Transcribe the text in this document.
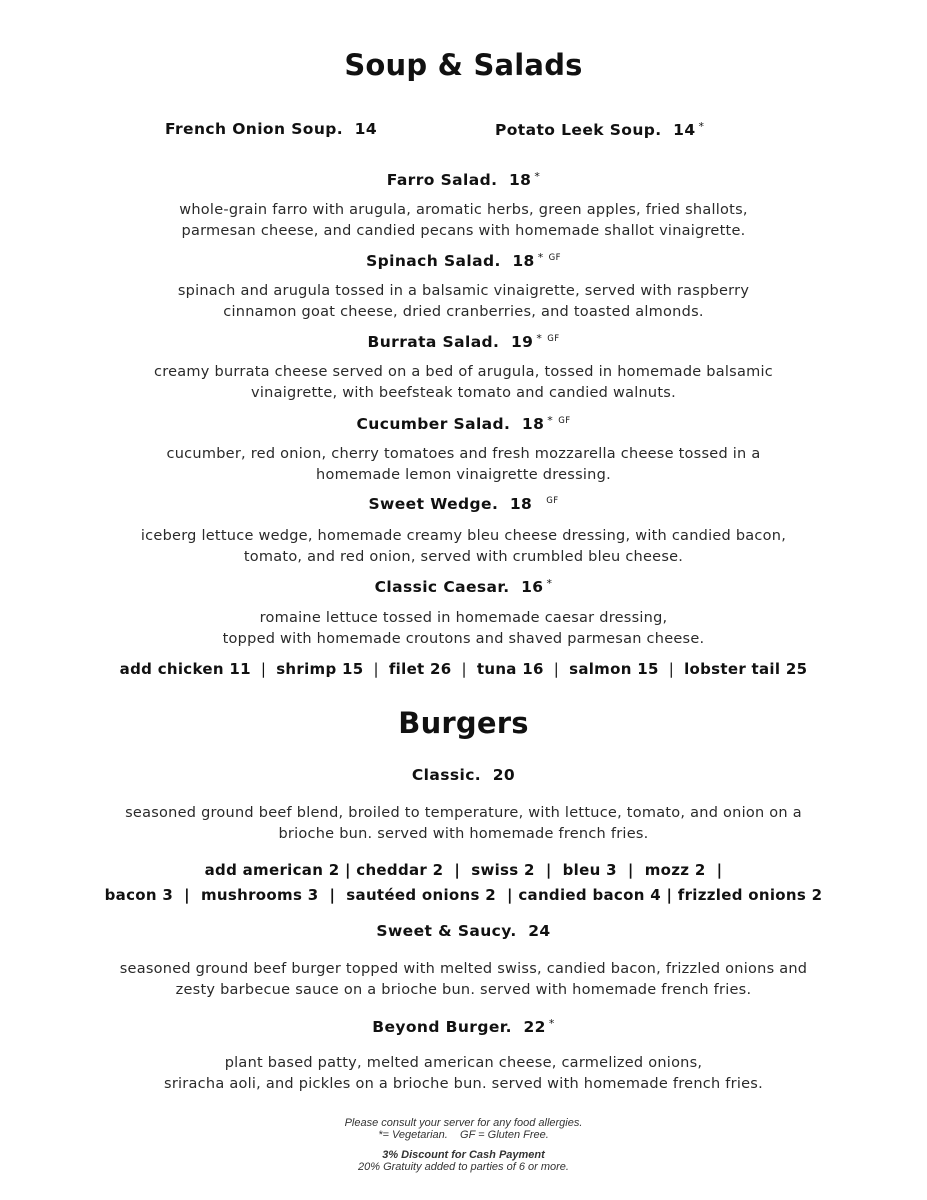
Soup & Salads
French Onion Soup. 14	Potato Leek Soup. 14 *
Farro Salad. 18 *
whole-grain farro with arugula, aromatic herbs, green apples, fried shallots,
parmesan cheese, and candied pecans with homemade shallot vinaigrette.
Spinach Salad. 18 * $^{GF}$
spinach and arugula tossed in a balsamic vinaigrette, served with raspberry
cinnamon goat cheese, dried cranberries, and toasted almonds.
Burrata Salad. 19 * $^{GF}$
creamy burrata cheese served on a bed of arugula, tossed in homemade balsamic
vinaigrette, with beefsteak tomato and candied walnuts.
Cucumber Salad. 18 * $^{GF}$
cucumber, red onion, cherry tomatoes and fresh mozzarella cheese tossed in a
homemade lemon vinaigrette dressing.
Sweet Wedge. 18 $^{GF}$
iceberg lettuce wedge, homemade creamy bleu cheese dressing, with candied bacon,
tomato, and red onion, served with crumbled bleu cheese.
Classic Caesar. 16 *
romaine lettuce tossed in homemade caesar dressing,
topped with homemade croutons and shaved parmesan cheese.
add chicken 11 | shrimp 15 | filet 26 | tuna 16 | salmon 15 | lobster tail 25
Burgers
Classic. 20
seasoned ground beef blend, broiled to temperature, with lettuce, tomato, and onion on a
brioche bun. served with homemade french fries.
add american 2 | cheddar 2  |  swiss 2  |  bleu 3  |  mozz 2  |
bacon 3  |  mushrooms 3  |  sautéed onions 2  | candied bacon 4 | frizzled onions 2
Sweet & Saucy. 24
seasoned ground beef burger topped with melted swiss, candied bacon, frizzled onions and
zesty barbecue sauce on a brioche bun. served with homemade french fries.
Beyond Burger. 22 *
plant based patty, melted american cheese, carmelized onions,
sriracha aoli, and pickles on a brioche bun. served with homemade french fries.
Please consult your server for any food allergies.
*= Vegetarian.    GF = Gluten Free.
3% Discount for Cash Payment
20% Gratuity added to parties of 6 or more.
